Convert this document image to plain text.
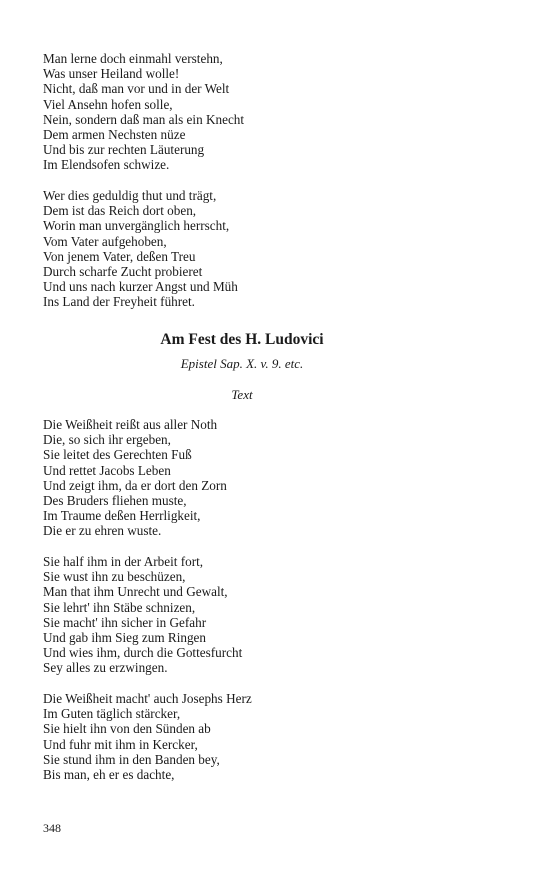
Man lerne doch einmahl verstehn,
Was unser Heiland wolle!
Nicht, daß man vor und in der Welt
Viel Ansehn hofen solle,
Nein, sondern daß man als ein Knecht
Dem armen Nechsten nüze
Und bis zur rechten Läuterung
Im Elendsofen schwize.
Wer dies geduldig thut und trägt,
Dem ist das Reich dort oben,
Worin man unvergänglich herrscht,
Vom Vater aufgehoben,
Von jenem Vater, deßen Treu
Durch scharfe Zucht probieret
Und uns nach kurzer Angst und Müh
Ins Land der Freyheit führet.
Am Fest des H. Ludovici
Epistel Sap. X. v. 9. etc.
Text
Die Weißheit reißt aus aller Noth
Die, so sich ihr ergeben,
Sie leitet des Gerechten Fuß
Und rettet Jacobs Leben
Und zeigt ihm, da er dort den Zorn
Des Bruders fliehen muste,
Im Traume deßen Herrligkeit,
Die er zu ehren wuste.
Sie half ihm in der Arbeit fort,
Sie wust ihn zu beschüzen,
Man that ihm Unrecht und Gewalt,
Sie lehrt' ihn Stäbe schnizen,
Sie macht' ihn sicher in Gefahr
Und gab ihm Sieg zum Ringen
Und wies ihm, durch die Gottesfurcht
Sey alles zu erzwingen.
Die Weißheit macht' auch Josephs Herz
Im Guten täglich stärcker,
Sie hielt ihn von den Sünden ab
Und fuhr mit ihm in Kercker,
Sie stund ihm in den Banden bey,
Bis man, eh er es dachte,
348
